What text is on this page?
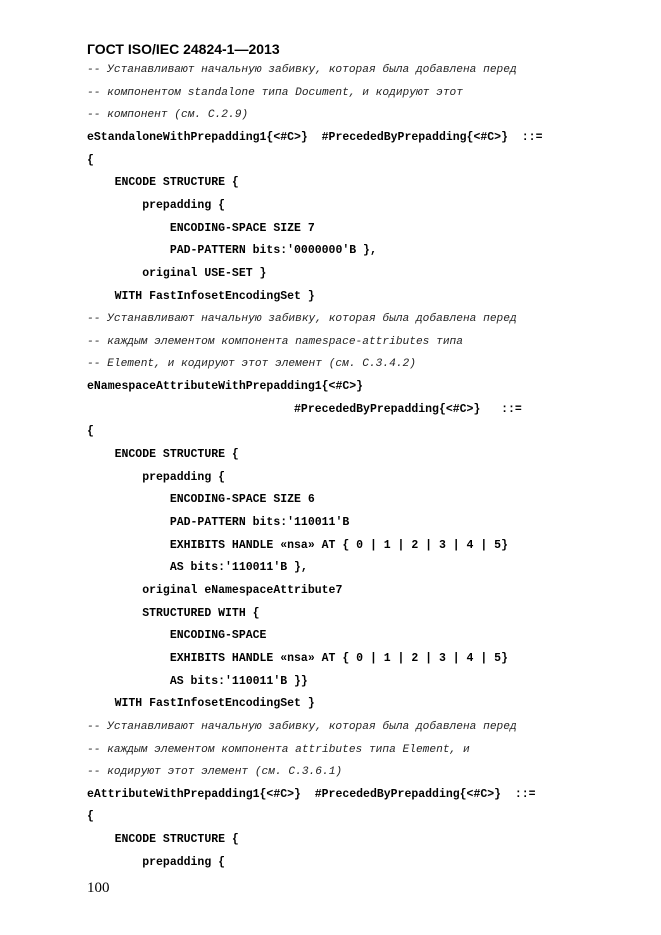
ГОСТ ISO/IEC 24824-1—2013
-- Устанавливают начальную забивку, которая была добавлена перед
-- компонентом standalone типа Document, и кодируют этот
-- компонент (см. С.2.9)
eStandaloneWithPrepadding1{<#C>}  #PrecededByPrepadding{<#C>}  ::=
{
ENCODE STRUCTURE {
prepadding {
ENCODING-SPACE SIZE 7
PAD-PATTERN bits:'0000000'B },
original USE-SET }
WITH FastInfosetEncodingSet }
-- Устанавливают начальную забивку, которая была добавлена перед
-- каждым элементом компонента namespace-attributes типа
-- Element, и кодируют этот элемент (см. С.3.4.2)
eNamespaceAttributeWithPrepadding1{<#C>}
#PrecededByPrepadding{<#C>}   ::=
{
ENCODE STRUCTURE {
prepadding {
ENCODING-SPACE SIZE 6
PAD-PATTERN bits:'110011'B
EXHIBITS HANDLE «nsa» AT { 0 | 1 | 2 | 3 | 4 | 5}
AS bits:'110011'B },
original eNamespaceAttribute7
STRUCTURED WITH {
ENCODING-SPACE
EXHIBITS HANDLE «nsa» AT { 0 | 1 | 2 | 3 | 4 | 5}
AS bits:'110011'B }}
WITH FastInfosetEncodingSet }
-- Устанавливают начальную забивку, которая была добавлена перед
-- каждым элементом компонента attributes типа Element, и
-- кодируют этот элемент (см. С.3.6.1)
eAttributeWithPrepadding1{<#C>}  #PrecededByPrepadding{<#C>}  ::=
{
ENCODE STRUCTURE {
prepadding {
100
